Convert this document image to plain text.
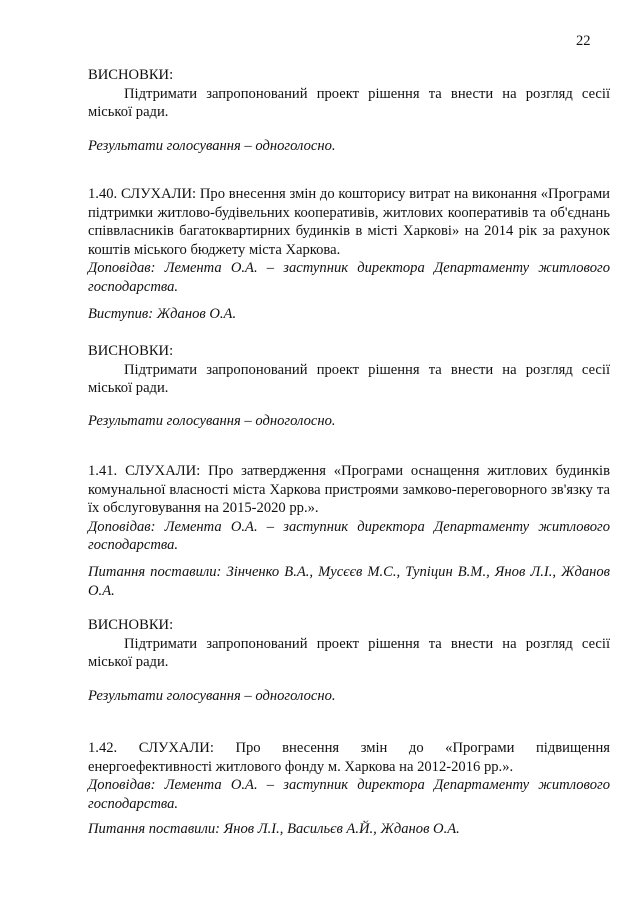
22

ВИСНОВКИ:

Підтримати запропонований проект рішення та внести на розгляд сесії міської ради.

Результати голосування – одноголосно.

1.40. СЛУХАЛИ: Про внесення змін до кошторису витрат на виконання «Програми підтримки житлово-будівельних кооперативів, житлових кооперативів та об'єднань співвласників багатоквартирних будинків в місті Харкові» на 2014 рік за рахунок коштів міського бюджету міста Харкова.

Доповідав: Лемента О.А. – заступник директора Департаменту житлового господарства.

Виступив: Жданов О.А.

ВИСНОВКИ:

Підтримати запропонований проект рішення та внести на розгляд сесії міської ради.

Результати голосування – одноголосно.

1.41. СЛУХАЛИ: Про затвердження «Програми оснащення житлових будинків комунальної власності міста Харкова пристроями замково-переговорного зв'язку та їх обслуговування на 2015-2020 рр.».

Доповідав: Лемента О.А. – заступник директора Департаменту житлового господарства.

Питання поставили: Зінченко В.А., Мусєєв М.С., Тупіцин В.М., Янов Л.І., Жданов О.А.

ВИСНОВКИ:

Підтримати запропонований проект рішення та внести на розгляд сесії міської ради.

Результати голосування – одноголосно.

1.42. СЛУХАЛИ: Про внесення змін до «Програми підвищення енергоефективності житлового фонду м. Харкова на 2012-2016 рр.».

Доповідав: Лемента О.А. – заступник директора Департаменту житлового господарства.

Питання поставили: Янов Л.І., Васильєв А.Й., Жданов О.А.
